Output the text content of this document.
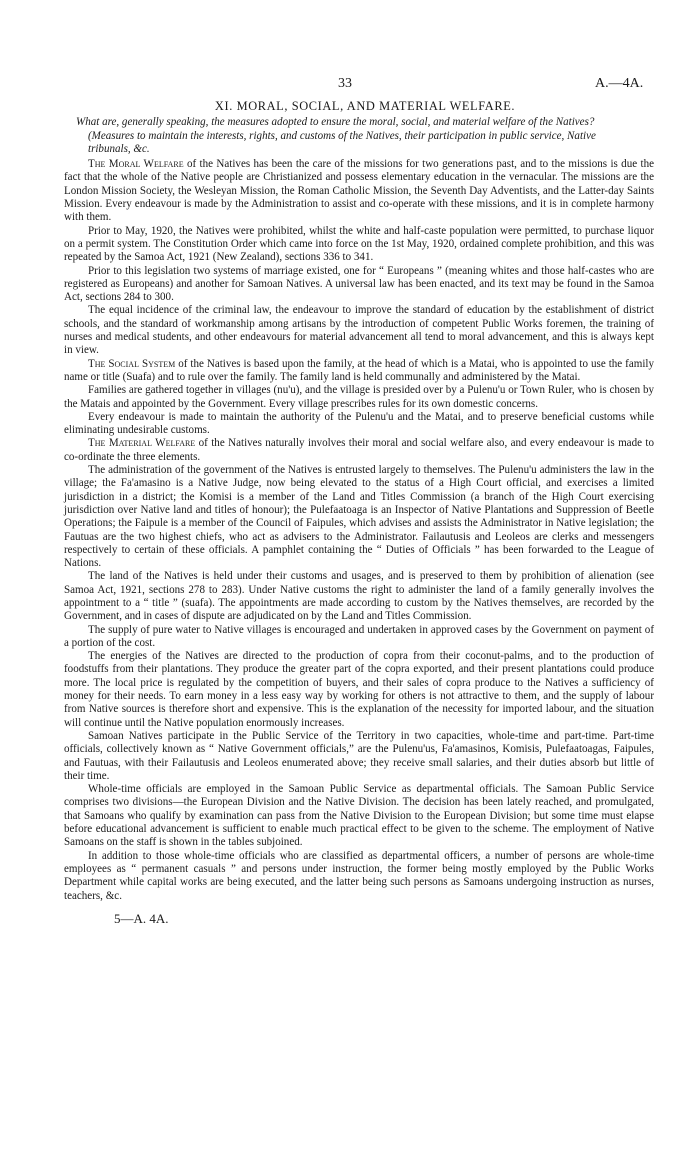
33	A.—4A.
XI. MORAL, SOCIAL, AND MATERIAL WELFARE.
What are, generally speaking, the measures adopted to ensure the moral, social, and material welfare of the Natives? (Measures to maintain the interests, rights, and customs of the Natives, their participation in public service, Native tribunals, &c.

The Moral Welfare of the Natives has been the care of the missions for two generations past, and to the missions is due the fact that the whole of the Native people are Christianized and possess elementary education in the vernacular. The missions are the London Mission Society, the Wesleyan Mission, the Roman Catholic Mission, the Seventh Day Adventists, and the Latter-day Saints Mission. Every endeavour is made by the Administration to assist and co-operate with these missions, and it is in complete harmony with them.

Prior to May, 1920, the Natives were prohibited, whilst the white and half-caste population were permitted, to purchase liquor on a permit system. The Constitution Order which came into force on the 1st May, 1920, ordained complete prohibition, and this was repeated by the Samoa Act, 1921 (New Zealand), sections 336 to 341.

Prior to this legislation two systems of marriage existed, one for “ Europeans ” (meaning whites and those half-castes who are registered as Europeans) and another for Samoan Natives. A universal law has been enacted, and its text may be found in the Samoa Act, sections 284 to 300.

The equal incidence of the criminal law, the endeavour to improve the standard of education by the establishment of district schools, and the standard of workmanship among artisans by the introduction of competent Public Works foremen, the training of nurses and medical students, and other endeavours for material advancement all tend to moral advancement, and this is always kept in view.

The Social System of the Natives is based upon the family, at the head of which is a Matai, who is appointed to use the family name or title (Suafa) and to rule over the family. The family land is held communally and administered by the Matai.

Families are gathered together in villages (nu'u), and the village is presided over by a Pulenu'u or Town Ruler, who is chosen by the Matais and appointed by the Government. Every village prescribes rules for its own domestic concerns.

Every endeavour is made to maintain the authority of the Pulenu'u and the Matai, and to preserve beneficial customs while eliminating undesirable customs.

The Material Welfare of the Natives naturally involves their moral and social welfare also, and every endeavour is made to co-ordinate the three elements.

The administration of the government of the Natives is entrusted largely to themselves. The Pulenu'u administers the law in the village; the Fa'amasino is a Native Judge, now being elevated to the status of a High Court official, and exercises a limited jurisdiction in a district; the Komisi is a member of the Land and Titles Commission (a branch of the High Court exercising jurisdiction over Native land and titles of honour); the Pulefaatoaga is an Inspector of Native Plantations and Suppression of Beetle Operations; the Faipule is a member of the Council of Faipules, which advises and assists the Administrator in Native legislation; the Fautuas are the two highest chiefs, who act as advisers to the Administrator. Failautusis and Leoleos are clerks and messengers respectively to certain of these officials. A pamphlet containing the “ Duties of Officials ” has been forwarded to the League of Nations.

The land of the Natives is held under their customs and usages, and is preserved to them by prohibition of alienation (see Samoa Act, 1921, sections 278 to 283). Under Native customs the right to administer the land of a family generally involves the appointment to a “ title ” (suafa). The appointments are made according to custom by the Natives themselves, are recorded by the Government, and in cases of dispute are adjudicated on by the Land and Titles Commission.

The supply of pure water to Native villages is encouraged and undertaken in approved cases by the Government on payment of a portion of the cost.

The energies of the Natives are directed to the production of copra from their coconut-palms, and to the production of foodstuffs from their plantations. They produce the greater part of the copra exported, and their present plantations could produce more. The local price is regulated by the competition of buyers, and their sales of copra produce to the Natives a sufficiency of money for their needs. To earn money in a less easy way by working for others is not attractive to them, and the supply of labour from Native sources is therefore short and expensive. This is the explanation of the necessity for imported labour, and the situation will continue until the Native population enormously increases.

Samoan Natives participate in the Public Service of the Territory in two capacities, whole-time and part-time. Part-time officials, collectively known as “ Native Government officials,” are the Pulenu'us, Fa'amasinos, Komisis, Pulefaatoagas, Faipules, and Fautuas, with their Failautusis and Leoleos enumerated above; they receive small salaries, and their duties absorb but little of their time.

Whole-time officials are employed in the Samoan Public Service as departmental officials. The Samoan Public Service comprises two divisions—the European Division and the Native Division. The decision has been lately reached, and promulgated, that Samoans who qualify by examination can pass from the Native Division to the European Division; but some time must elapse before educational advancement is sufficient to enable much practical effect to be given to the scheme. The employment of Native Samoans on the staff is shown in the tables subjoined.

In addition to those whole-time officials who are classified as departmental officers, a number of persons are whole-time employees as “ permanent casuals ” and persons under instruction, the former being mostly employed by the Public Works Department while capital works are being executed, and the latter being such persons as Samoans undergoing instruction as nurses, teachers, &c.

5—A. 4A.
